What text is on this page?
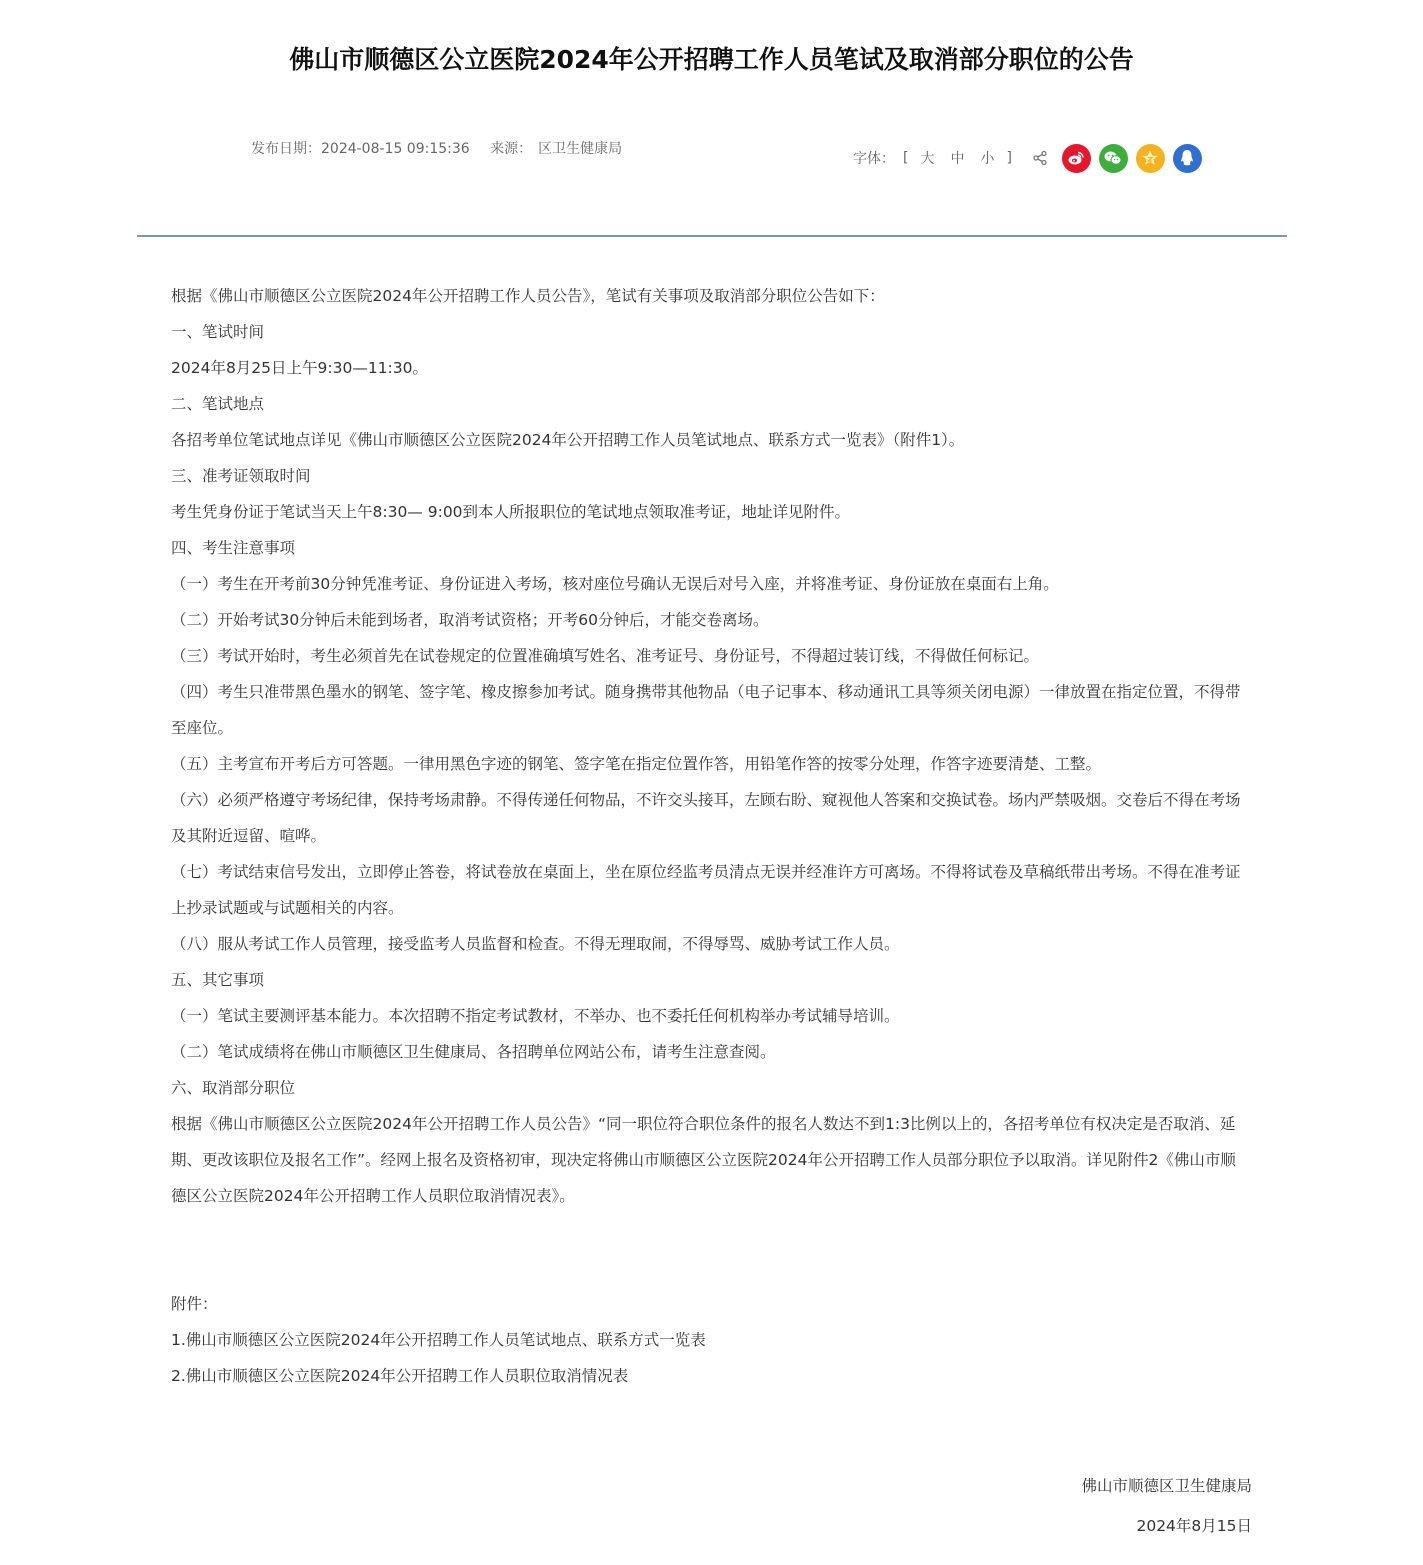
佛山市顺德区公立医院2024年公开招聘工作人员笔试及取消部分职位的公告
发布日期：2024-08-15 09:15:36 来源： 区卫生健康局
字体： [ 大 中 小 ]

根据《佛山市顺德区公立医院2024年公开招聘工作人员公告》，笔试有关事项及取消部分职位公告如下：

一、笔试时间

2024年8月25日上午9:30—11:30。

二、笔试地点

各招考单位笔试地点详见《佛山市顺德区公立医院2024年公开招聘工作人员笔试地点、联系方式一览表》（附件1）。

三、准考证领取时间

考生凭身份证于笔试当天上午8:30— 9:00到本人所报职位的笔试地点领取准考证，地址详见附件。

四、考生注意事项

（一）考生在开考前30分钟凭准考证、身份证进入考场，核对座位号确认无误后对号入座，并将准考证、身份证放在桌面右上角。

（二）开始考试30分钟后未能到场者，取消考试资格；开考60分钟后，才能交卷离场。

（三）考试开始时，考生必须首先在试卷规定的位置准确填写姓名、准考证号、身份证号，不得超过装订线，不得做任何标记。

（四）考生只准带黑色墨水的钢笔、签字笔、橡皮擦参加考试。随身携带其他物品（电子记事本、移动通讯工具等须关闭电源）一律放置在指定位置，不得带至座位。

（五）主考宣布开考后方可答题。一律用黑色字迹的钢笔、签字笔在指定位置作答，用铅笔作答的按零分处理，作答字迹要清楚、工整。

（六）必须严格遵守考场纪律，保持考场肃静。不得传递任何物品，不许交头接耳，左顾右盼、窥视他人答案和交换试卷。场内严禁吸烟。交卷后不得在考场及其附近逗留、喧哗。

（七）考试结束信号发出，立即停止答卷，将试卷放在桌面上，坐在原位经监考员清点无误并经准许方可离场。不得将试卷及草稿纸带出考场。不得在准考证上抄录试题或与试题相关的内容。

（八）服从考试工作人员管理，接受监考人员监督和检查。不得无理取闹，不得辱骂、威胁考试工作人员。

五、其它事项

（一）笔试主要测评基本能力。本次招聘不指定考试教材，不举办、也不委托任何机构举办考试辅导培训。

（二）笔试成绩将在佛山市顺德区卫生健康局、各招聘单位网站公布，请考生注意查阅。

六、取消部分职位

根据《佛山市顺德区公立医院2024年公开招聘工作人员公告》“同一职位符合职位条件的报名人数达不到1:3比例以上的，各招考单位有权决定是否取消、延期、更改该职位及报名工作”。经网上报名及资格初审，现决定将佛山市顺德区公立医院2024年公开招聘工作人员部分职位予以取消。详见附件2《佛山市顺德区公立医院2024年公开招聘工作人员职位取消情况表》。

附件：

1.佛山市顺德区公立医院2024年公开招聘工作人员笔试地点、联系方式一览表

2.佛山市顺德区公立医院2024年公开招聘工作人员职位取消情况表

佛山市顺德区卫生健康局
2024年8月15日
